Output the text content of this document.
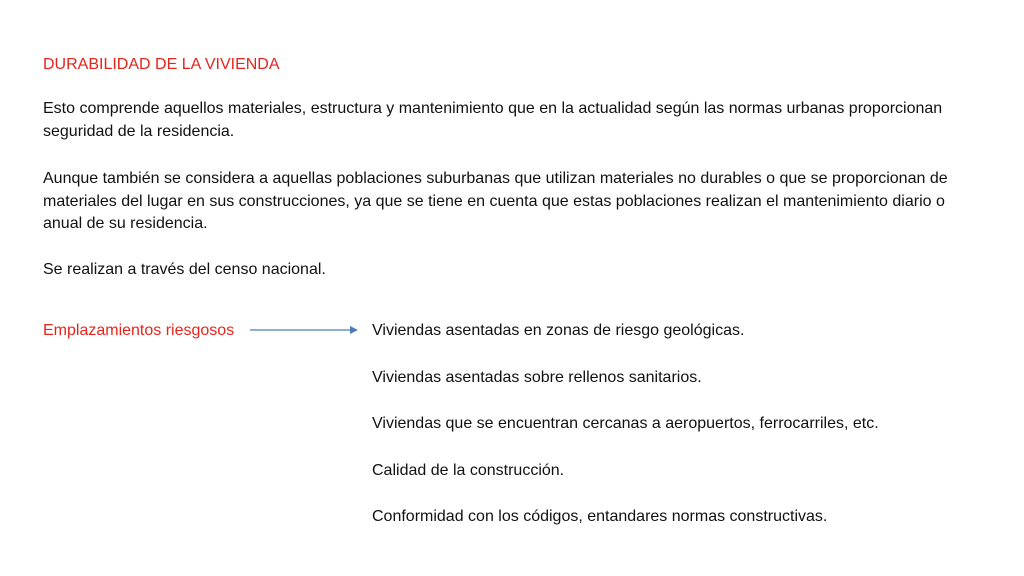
DURABILIDAD DE LA VIVIENDA

Esto comprende aquellos materiales, estructura y mantenimiento que en la actualidad según las normas urbanas proporcionan seguridad de la residencia.

Aunque también se considera a aquellas poblaciones suburbanas que utilizan materiales no durables o que se proporcionan de materiales del lugar en sus construcciones, ya que se tiene en cuenta que estas poblaciones realizan el mantenimiento diario o anual de su residencia.

Se realizan a través del censo nacional.

Emplazamientos riesgosos	Viviendas asentadas en zonas de riesgo geológicas.
Viviendas asentadas sobre rellenos sanitarios.
Viviendas que se encuentran cercanas a aeropuertos, ferrocarriles, etc.
Calidad de la construcción.
Conformidad con los códigos, entandares normas constructivas.
